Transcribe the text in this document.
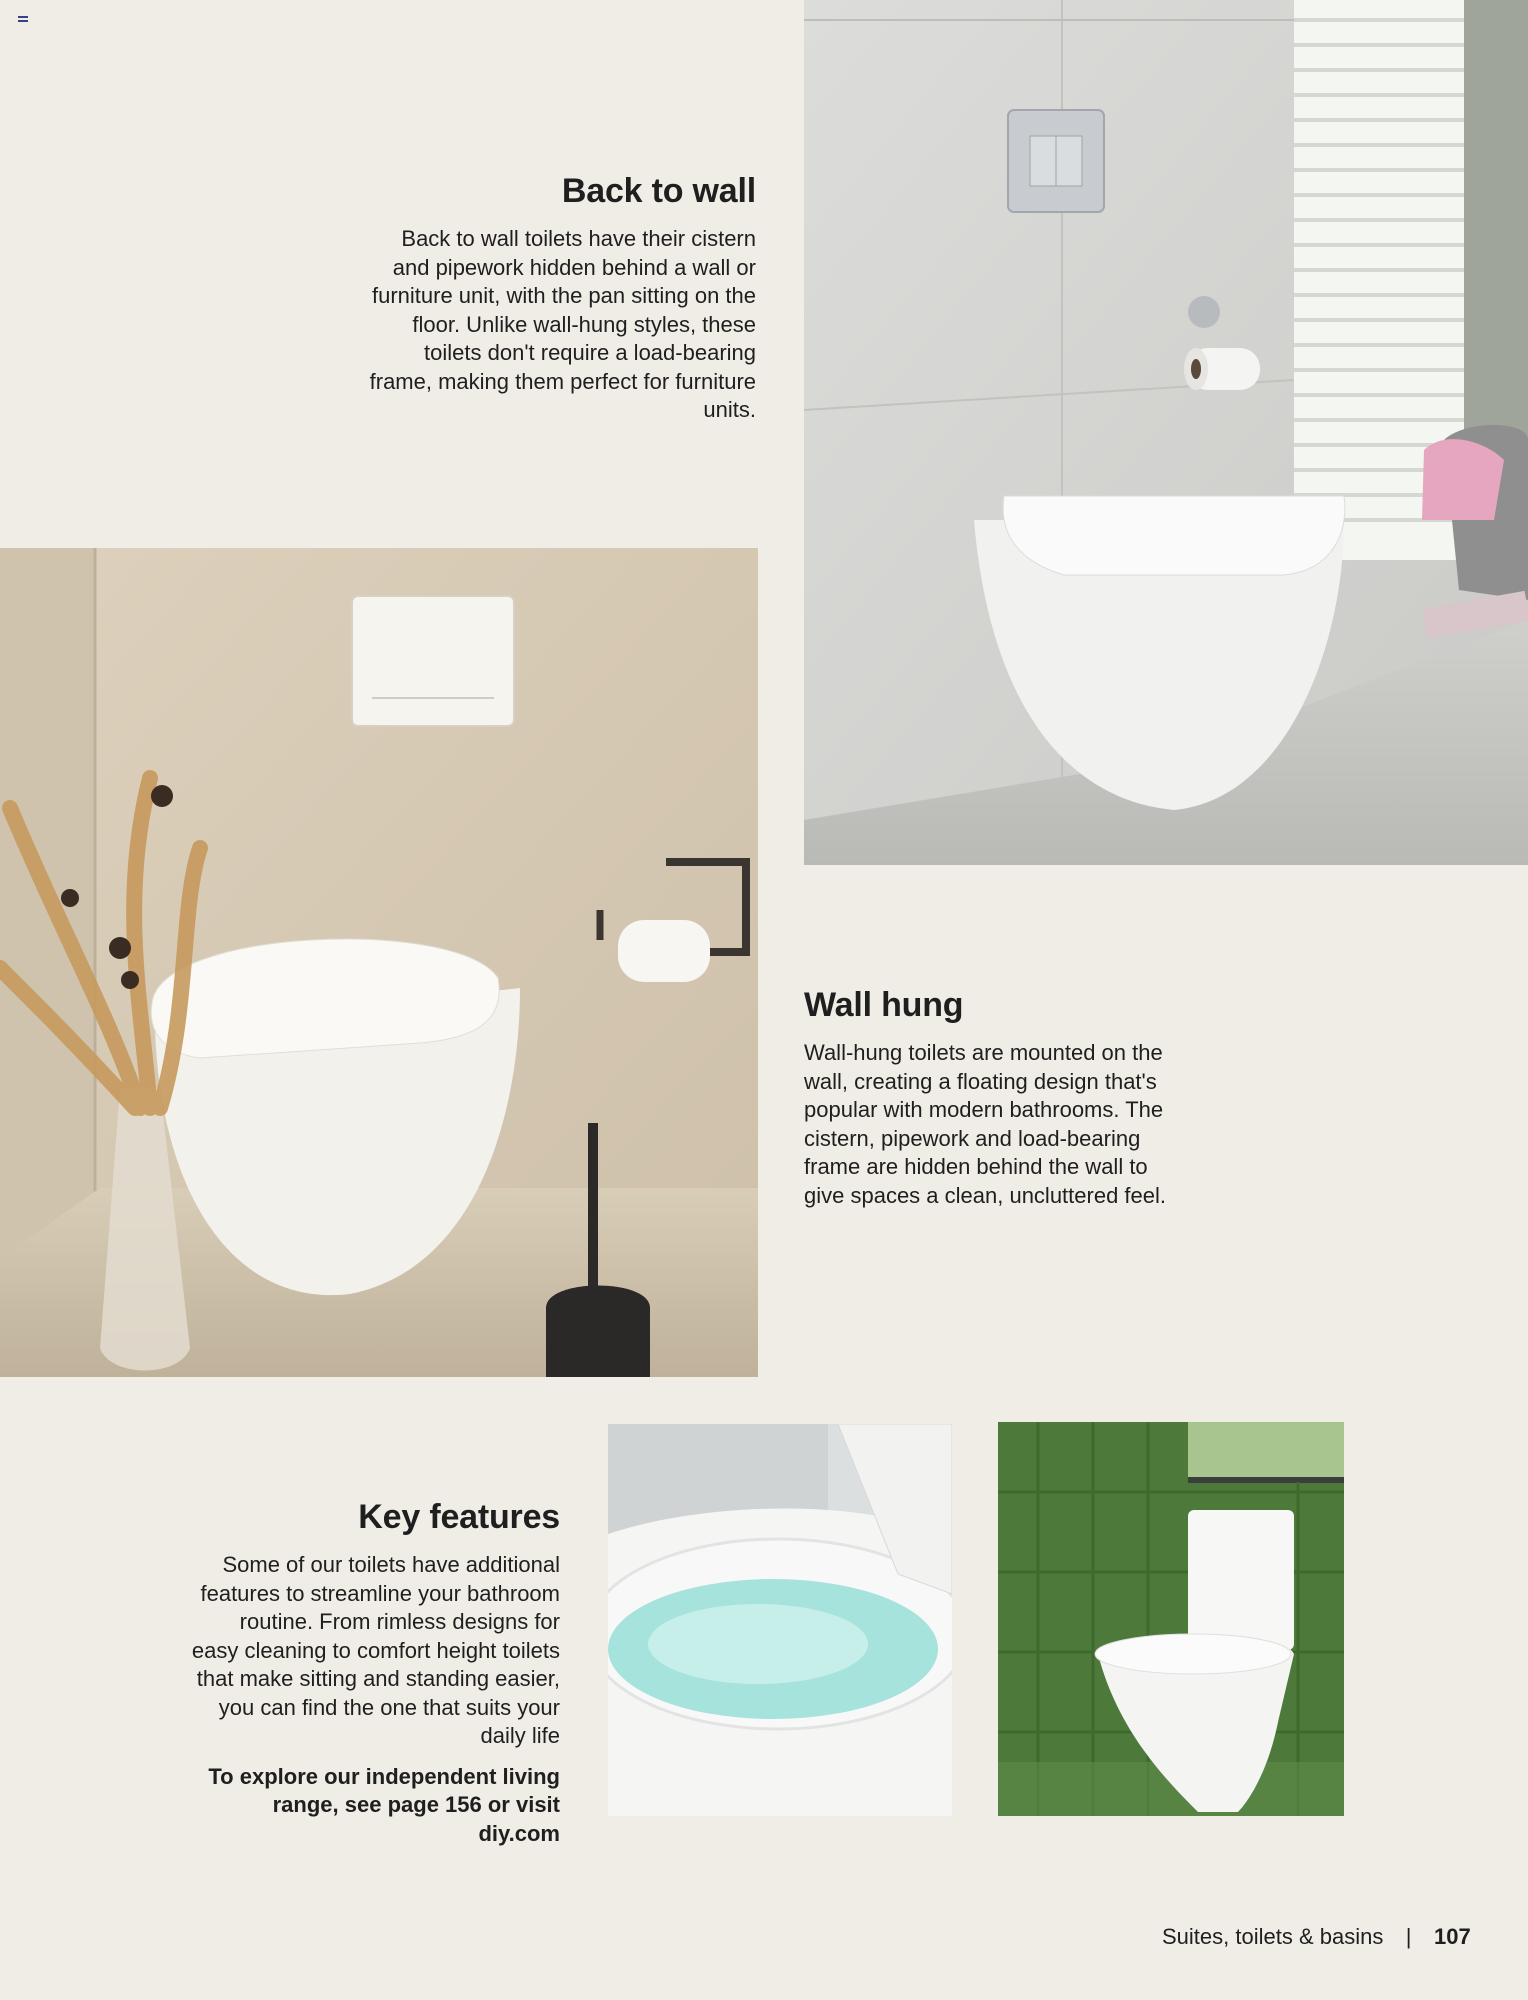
Back to wall

Back to wall toilets have their cistern and pipework hidden behind a wall or furniture unit, with the pan sitting on the floor. Unlike wall-hung styles, these toilets don't require a load-bearing frame, making them perfect for furniture units.

Wall hung

Wall-hung toilets are mounted on the wall, creating a floating design that's popular with modern bathrooms. The cistern, pipework and load-bearing frame are hidden behind the wall to give spaces a clean, uncluttered feel.

Key features

Some of our toilets have additional features to streamline your bathroom routine. From rimless designs for easy cleaning to comfort height toilets that make sitting and standing easier, you can find the one that suits your daily life

To explore our independent living range, see page 156 or visit diy.com

Suites, toilets & basins | 107
